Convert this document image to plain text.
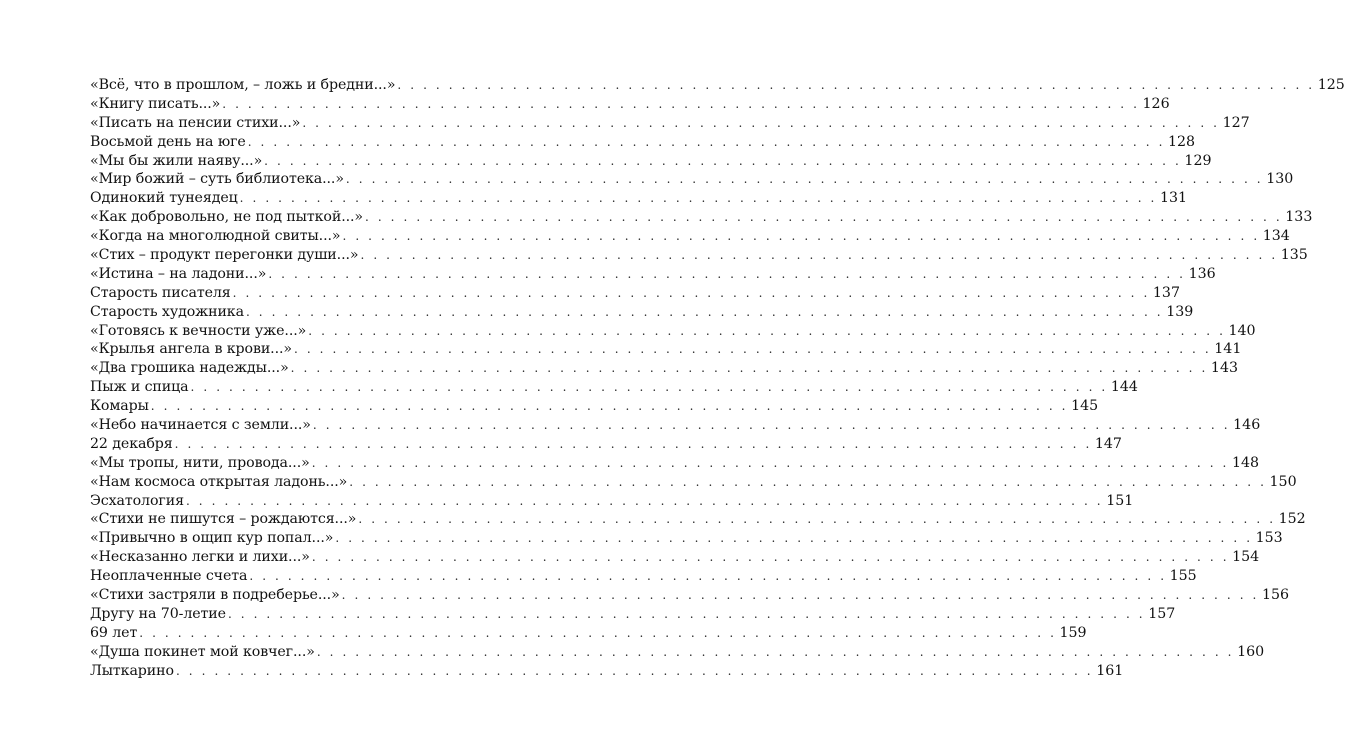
«Всё, что в прошлом, – ложь и бредни...» . . .	125
«Книгу писать...» . . .	126
«Писать на пенсии стихи...» . . .	127
Восьмой день на юге . . .	128
«Мы бы жили наяву...» . . .	129
«Мир божий – суть библиотека...» . . .	130
Одинокий тунеядец . . .	131
«Как добровольно, не под пыткой...» . . .	133
«Когда на многолюдной свиты...» . . .	134
«Стих – продукт перегонки души...» . . .	135
«Истина – на ладони...» . . .	136
Старость писателя . . .	137
Старость художника . . .	139
«Готовясь к вечности уже...» . . .	140
«Крылья ангела в крови...» . . .	141
«Два грошика надежды...» . . .	143
Пыж и спица . . .	144
Комары . . .	145
«Небо начинается с земли...» . . .	146
22 декабря . . .	147
«Мы тропы, нити, провода...» . . .	148
«Нам космоса открытая ладонь...» . . .	150
Эсхатология . . .	151
«Стихи не пишутся – рождаются...» . . .	152
«Привычно в ощип кур попал...» . . .	153
«Несказанно легки и лихи...» . . .	154
Неоплаченные счета . . .	155
«Стихи застряли в подреберье...» . . .	156
Другу на 70-летие . . .	157
69 лет . . .	159
«Душа покинет мой ковчег...» . . .	160
Лыткарино . . .	161
